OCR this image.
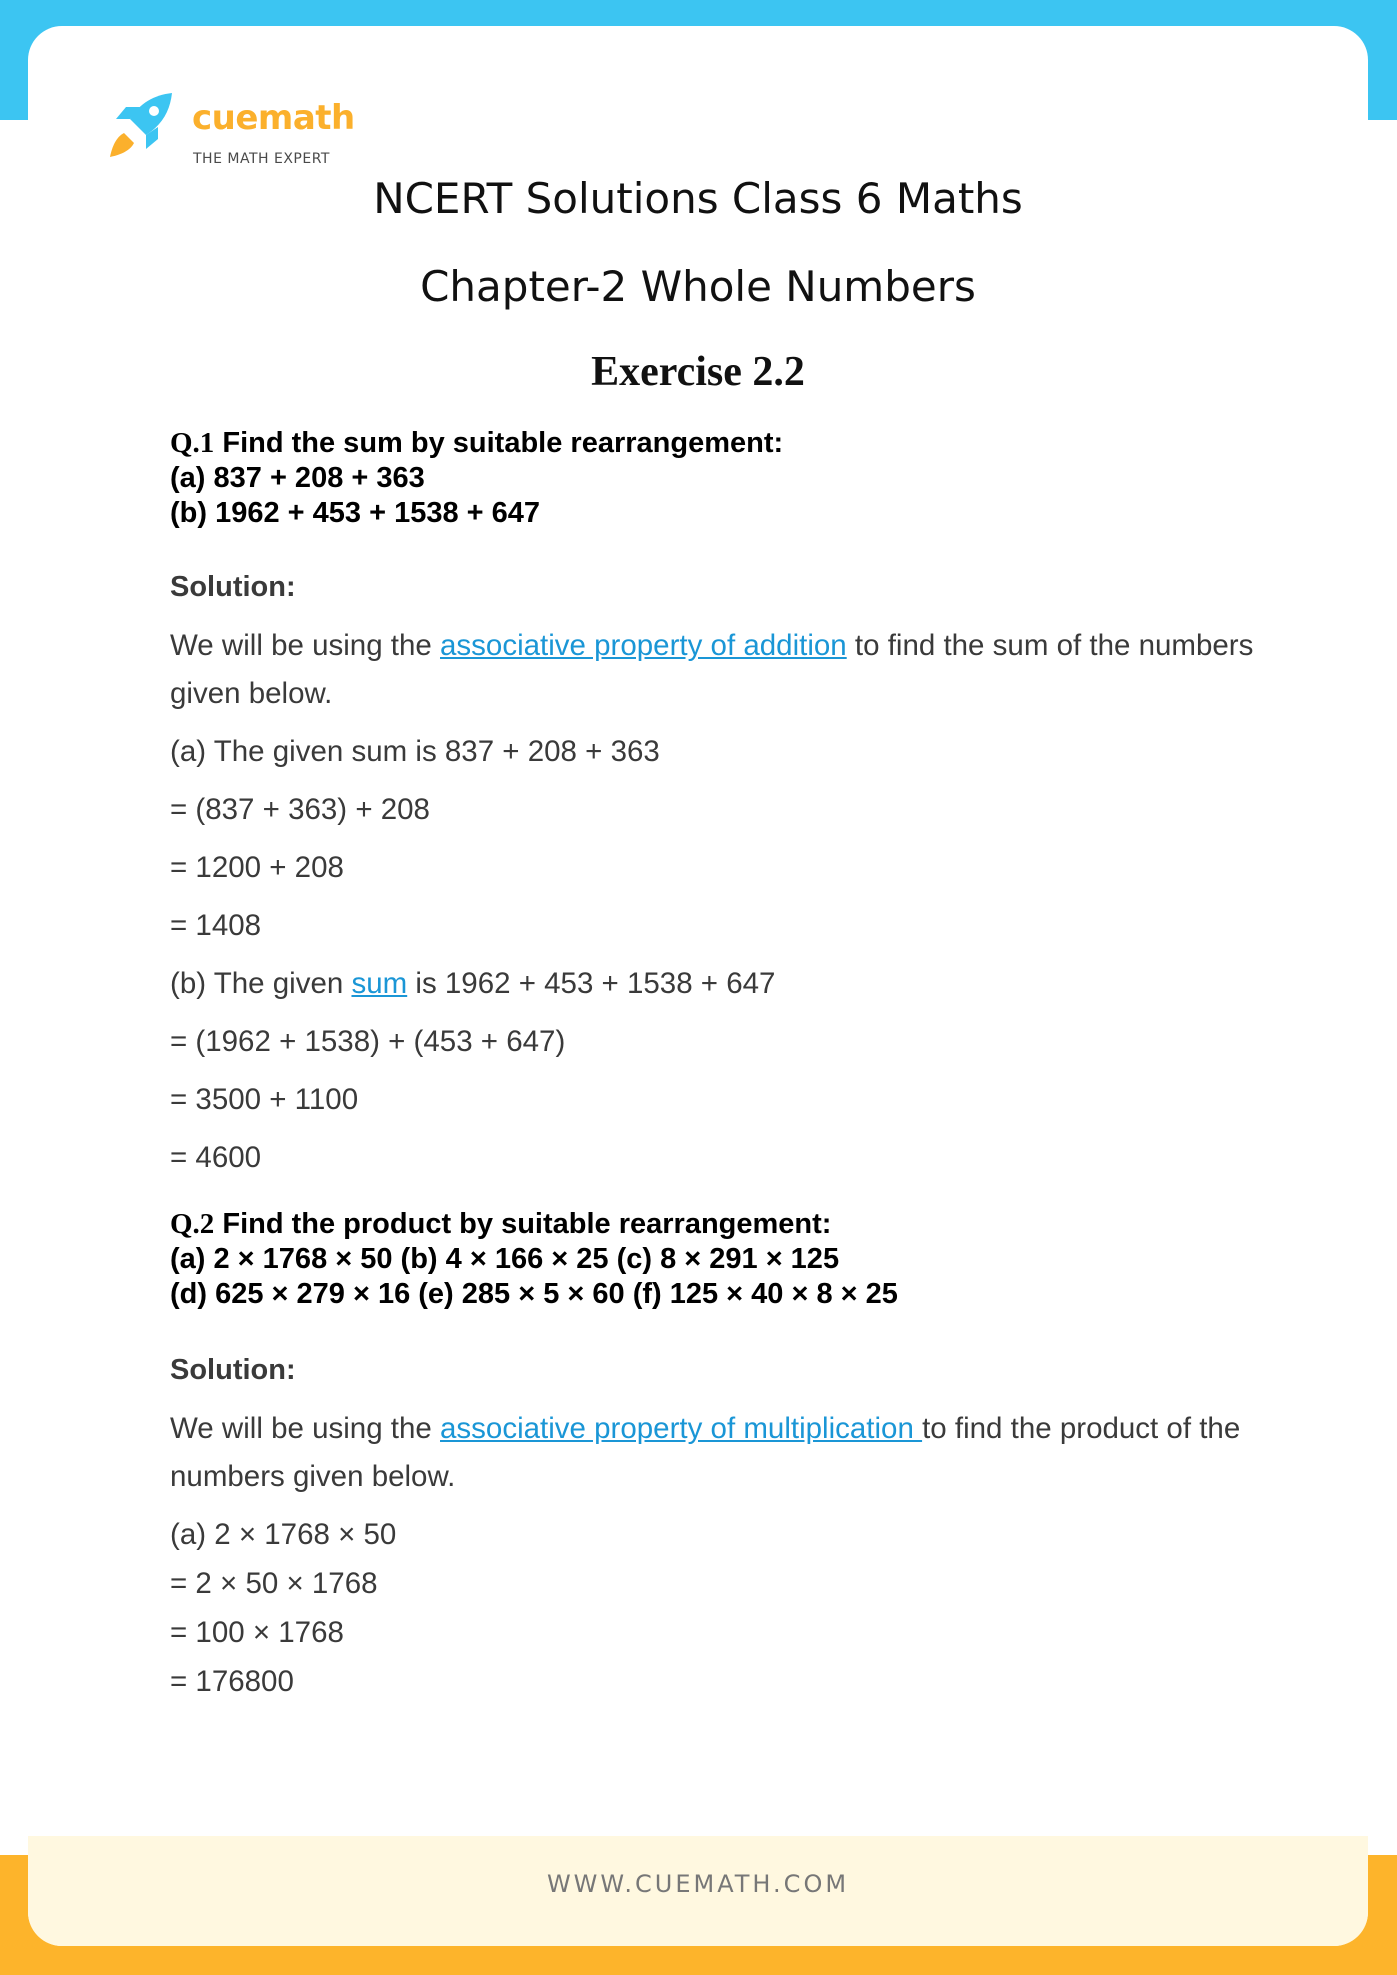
cuemath
THE MATH EXPERT
NCERT Solutions Class 6 Maths
Chapter-2 Whole Numbers
Exercise 2.2
Q.1 Find the sum by suitable rearrangement:
(a) 837 + 208 + 363
(b) 1962 + 453 + 1538 + 647
Solution:
We will be using the associative property of addition to find the sum of the numbers given below.
(a) The given sum is 837 + 208 + 363
= (837 + 363) + 208
= 1200 + 208
= 1408
(b) The given sum is 1962 + 453 + 1538 + 647
= (1962 + 1538) + (453 + 647)
= 3500 + 1100
= 4600
Q.2 Find the product by suitable rearrangement:
(a) 2 × 1768 × 50 (b) 4 × 166 × 25 (c) 8 × 291 × 125
(d) 625 × 279 × 16 (e) 285 × 5 × 60 (f) 125 × 40 × 8 × 25
Solution:
We will be using the associative property of multiplication to find the product of the numbers given below.
(a) 2 × 1768 × 50
= 2 × 50 × 1768
= 100 × 1768
= 176800
WWW.CUEMATH.COM
